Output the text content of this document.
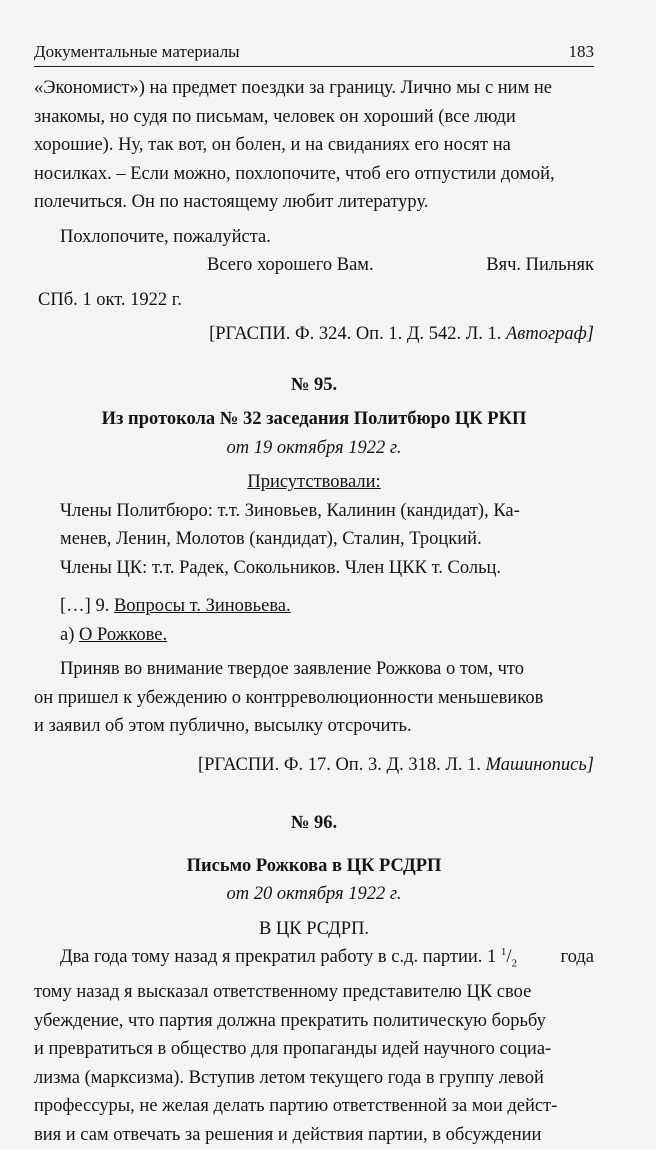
Документальные материалы	183

«Экономист») на предмет поездки за границу. Лично мы с ним не

знакомы, но судя по письмам, человек он хороший (все люди

хорошие). Ну, так вот, он болен, и на свиданиях его носят на

носилках. – Если можно, похлопочите, чтоб его отпустили домой,

полечиться. Он по настоящему любит литературу.

Похлопочите, пожалуйста.

Всего хорошего Вам.	Вяч. Пильняк

СПб. 1 окт. 1922 г.

[РГАСПИ. Ф. 324. Оп. 1. Д. 542. Л. 1. Автограф]

№ 95.

Из протокола № 32 заседания Политбюро ЦК РКП

от 19 октября 1922 г.

Присутствовали:

Члены Политбюро: т.т. Зиновьев, Калинин (кандидат), Ка-

менев, Ленин, Молотов (кандидат), Сталин, Троцкий.

Члены ЦК: т.т. Радек, Сокольников. Член ЦКК т. Сольц.

[…] 9. Вопросы т. Зиновьева.

а) О Рожкове.

Приняв во внимание твердое заявление Рожкова о том, что

он пришел к убеждению о контрреволюционности меньшевиков

и заявил об этом публично, высылку отсрочить.

[РГАСПИ. Ф. 17. Оп. 3. Д. 318. Л. 1. Машинопись]

№ 96.

Письмо Рожкова в ЦК РСДРП

от 20 октября 1922 г.

В ЦК РСДРП.

Два года тому назад я прекратил работу в с.д. партии. 1 $^1/_2$	года

тому назад я высказал ответственному представителю ЦК свое

убеждение, что партия должна прекратить политическую борьбу

и превратиться в общество для пропаганды идей научного социа-

лизма (марксизма). Вступив летом текущего года в группу левой

профессуры, не желая делать партию ответственной за мои дейст-

вия и сам отвечать за решения и действия партии, в обсуждении
